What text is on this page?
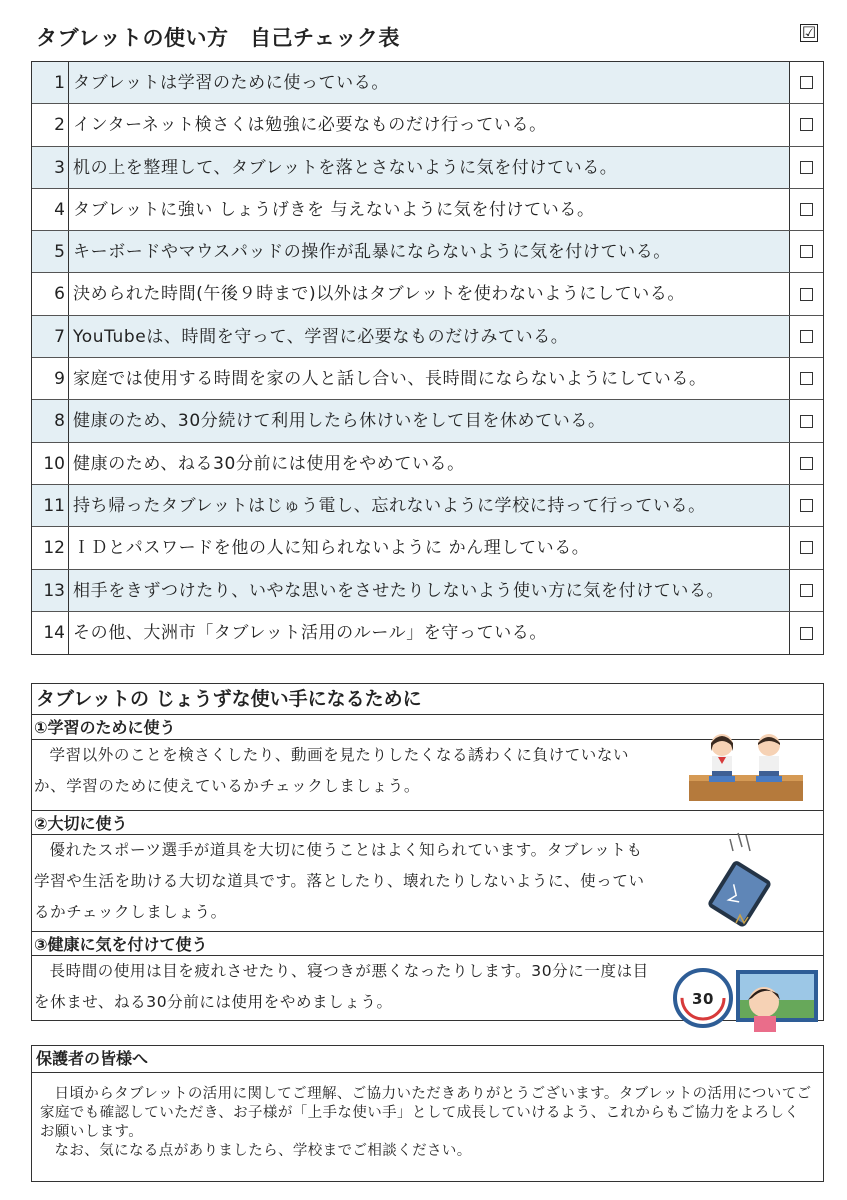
タブレットの使い方　自己チェック表	☑
1 タブレットは学習のために使っている。
2 インターネット検さくは勉強に必要なものだけ行っている。
3 机の上を整理して、タブレットを落とさないように気を付けている。
4 タブレットに強い しょうげきを 与えないように気を付けている。
5 キーボードやマウスパッドの操作が乱暴にならないように気を付けている。
6 決められた時間(午後９時まで)以外はタブレットを使わないようにしている。
7 YouTubeは、時間を守って、学習に必要なものだけみている。
9 家庭では使用する時間を家の人と話し合い、長時間にならないようにしている。
8 健康のため、30分続けて利用したら休けいをして目を休めている。
10 健康のため、ねる30分前には使用をやめている。
11 持ち帰ったタブレットはじゅう電し、忘れないように学校に持って行っている。
12 ＩＤとパスワードを他の人に知られないように かん理している。
13 相手をきずつけたり、いやな思いをさせたりしないよう使い方に気を付けている。
14 その他、大洲市「タブレット活用のルール」を守っている。
タブレットの じょうずな使い手になるために
①学習のために使う
学習以外のことを検さくしたり、動画を見たりしたくなる誘わくに負けていないか、学習のために使えているかチェックしましょう。
②大切に使う
優れたスポーツ選手が道具を大切に使うことはよく知られています。タブレットも学習や生活を助ける大切な道具です。落としたり、壊れたりしないように、使っているかチェックしましょう。
③健康に気を付けて使う
長時間の使用は目を疲れさせたり、寝つきが悪くなったりします。30分に一度は目を休ませ、ねる30分前には使用をやめましょう。	30
保護者の皆様へ

日頃からタブレットの活用に関してご理解、ご協力いただきありがとうございます。タブレットの活用についてご家庭でも確認していただき、お子様が「上手な使い手」として成長していけるよう、これからもご協力をよろしくお願いします。

なお、気になる点がありましたら、学校までご相談ください。
